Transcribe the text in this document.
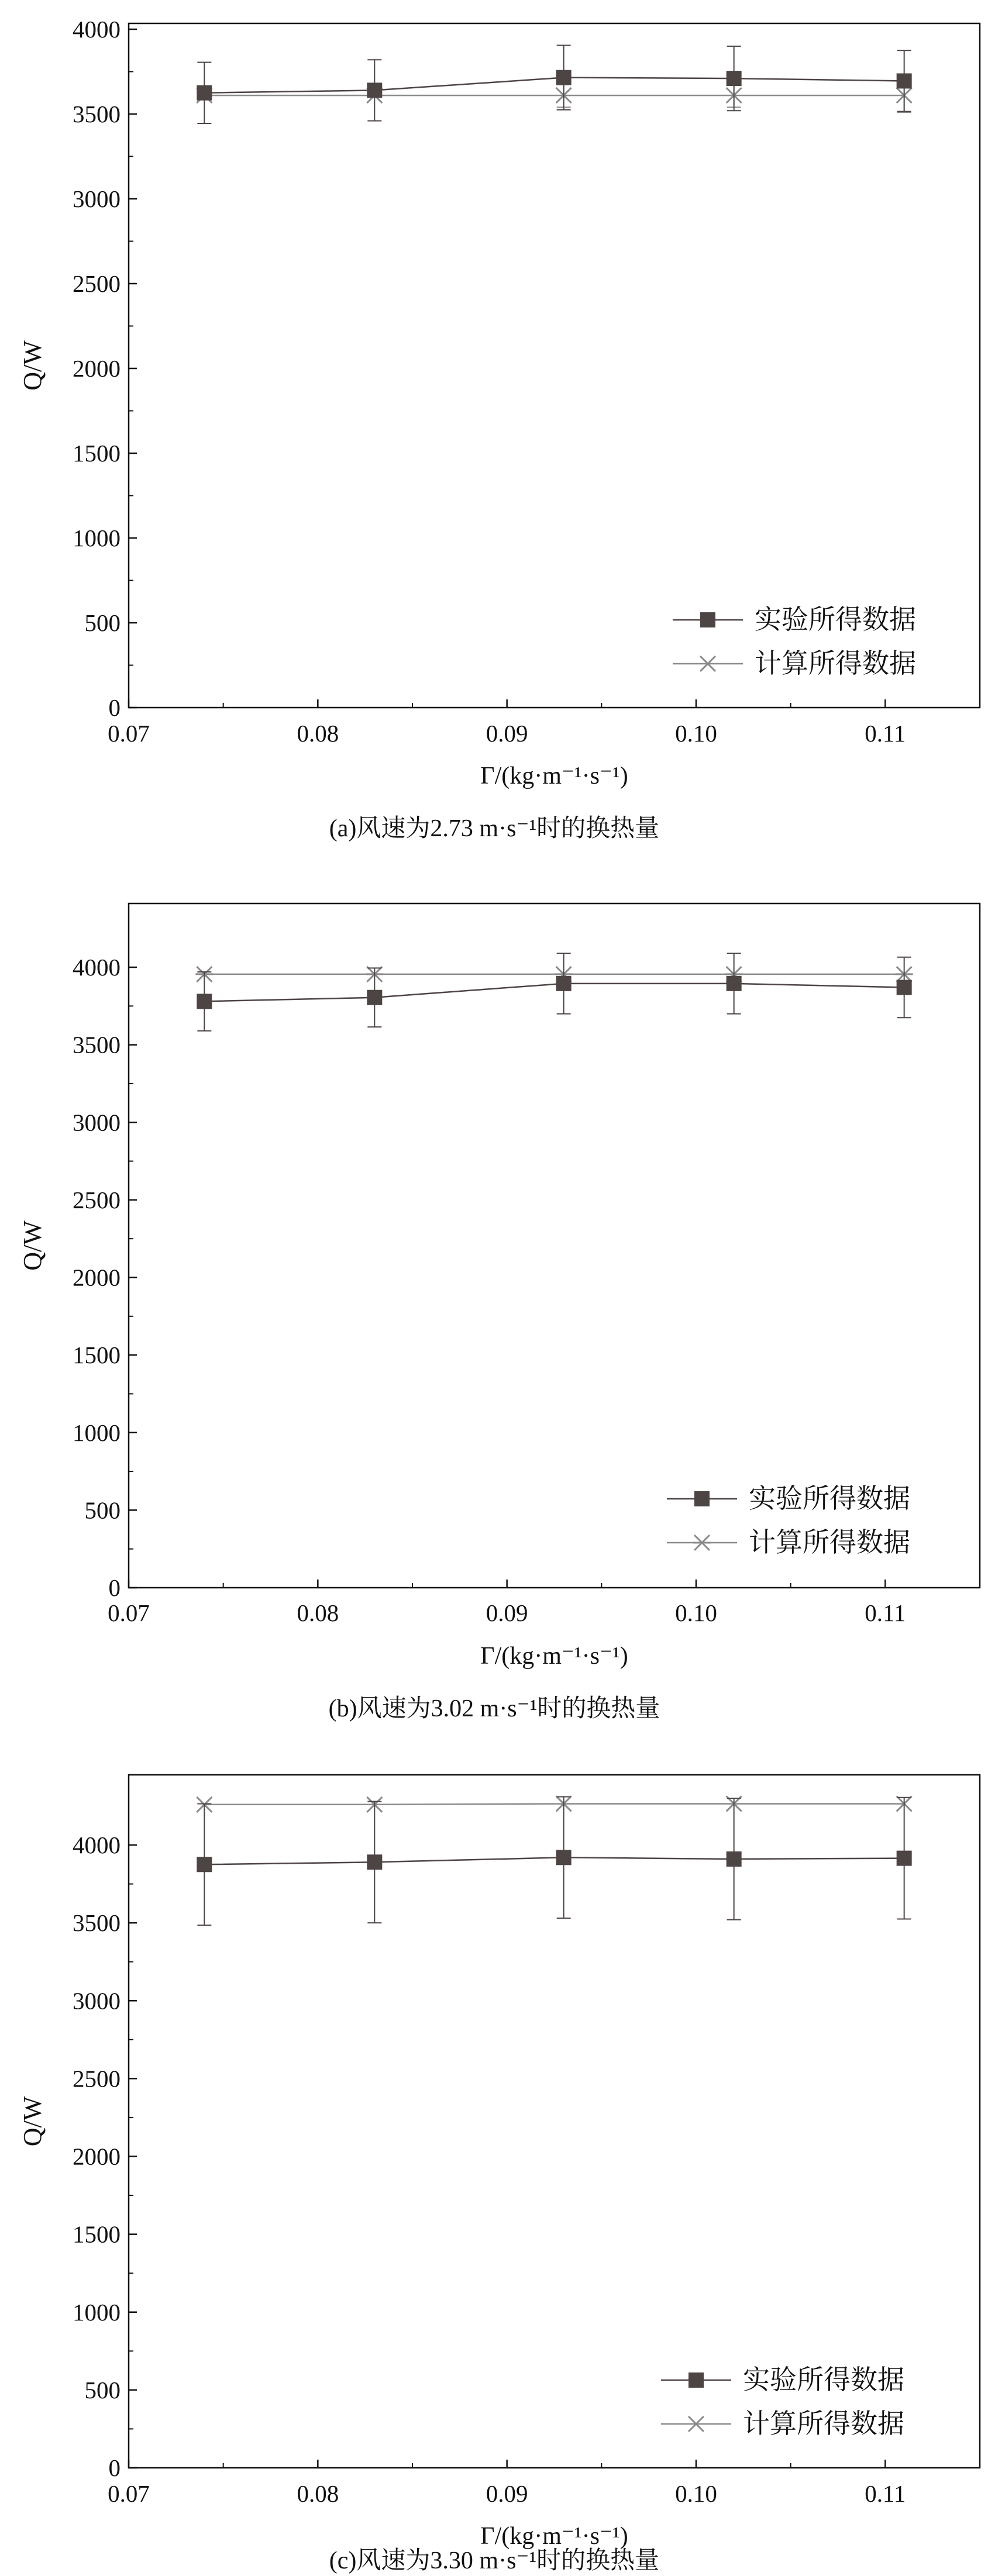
(a)风速为2.73 m·s⁻¹时的换热量
0
500
1000
1500
2000
2500
3000
3500
4000
0.07	0.08	0.09	0.10	0.11
Γ/(kg·m⁻¹·s⁻¹)
Q/W
实验所得数据
计算所得数据
(b)风速为3.02 m·s⁻¹时的换热量
0
500
1000
1500
2000
2500
3000
3500
4000
0.07	0.08	0.09	0.10	0.11
Γ/(kg·m⁻¹·s⁻¹)
Q/W
实验所得数据
计算所得数据
(c)风速为3.30 m·s⁻¹时的换热量
0
500
1000
1500
2000
2500
3000
3500
4000
0.07	0.08	0.09	0.10	0.11
Γ/(kg·m⁻¹·s⁻¹)
Q/W
实验所得数据
计算所得数据
